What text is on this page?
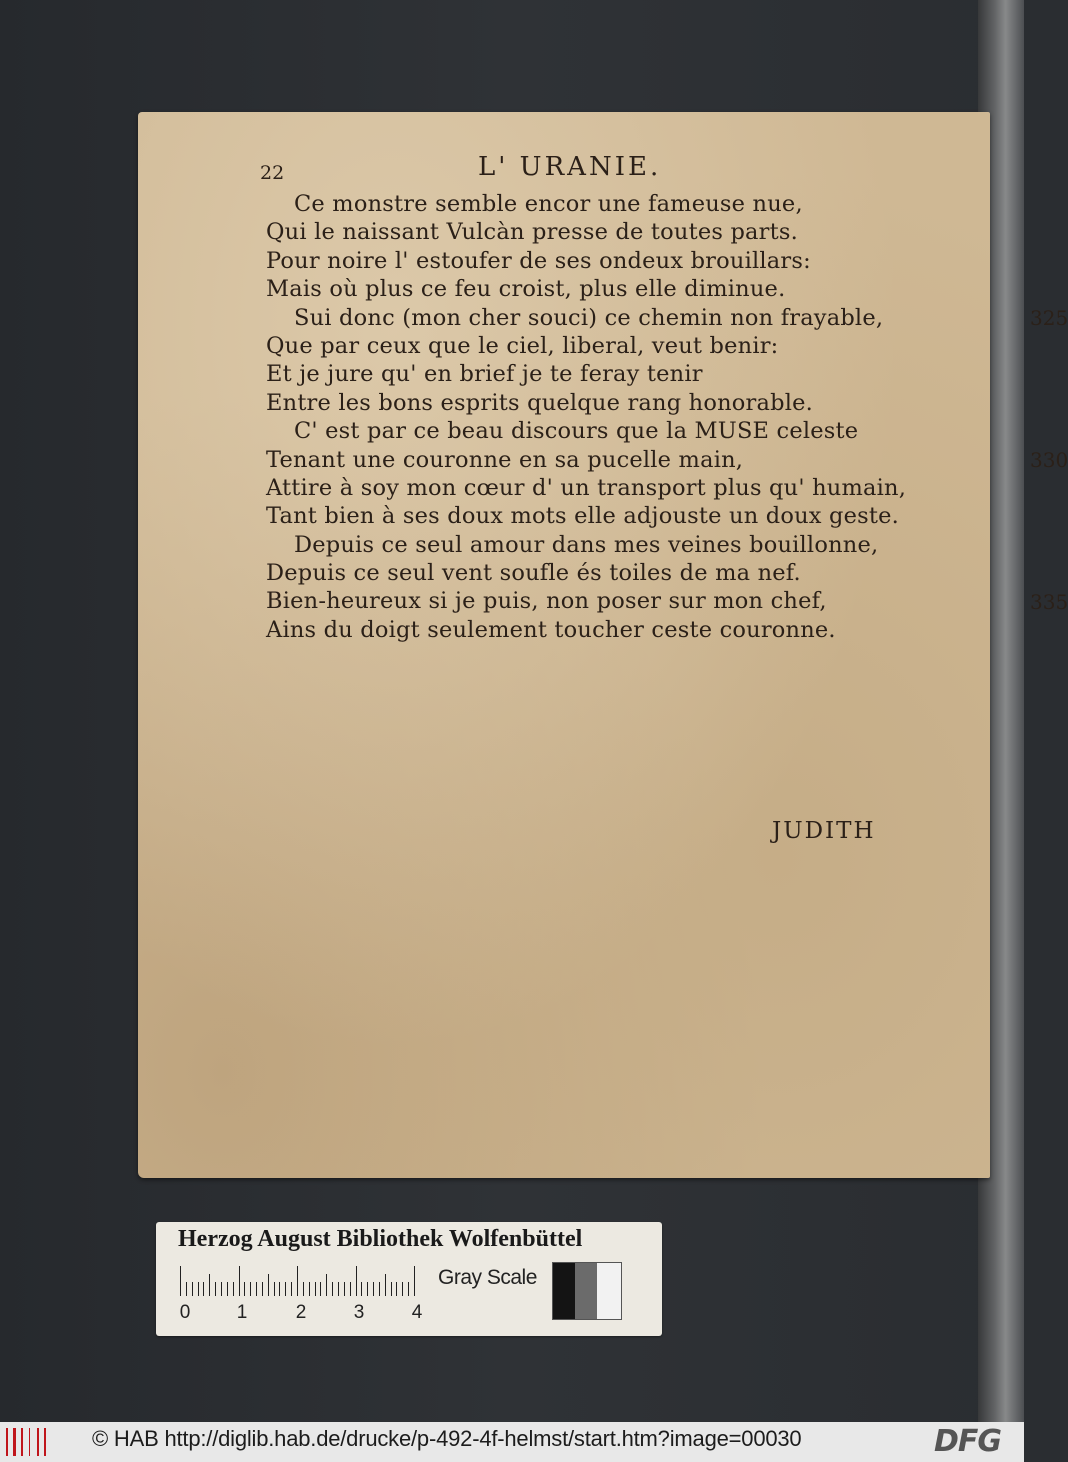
22	L' URANIE.
Ce monstre semble encor une fameuse nue,
Qui le naissant Vulcàn presse de toutes parts.
Pour noire l' estoufer de ses ondeux brouillars:
Mais où plus ce feu croist, plus elle diminue.
Sui donc (mon cher souci) ce chemin non frayable,	325
Que par ceux que le ciel, liberal, veut benir:
Et je jure qu' en brief je te feray tenir
Entre les bons esprits quelque rang honorable.
C' est par ce beau discours que la MUSE celeste
Tenant une couronne en sa pucelle main,	330
Attire à soy mon cœur d' un transport plus qu' humain,
Tant bien à ses doux mots elle adjouste un doux geste.
Depuis ce seul amour dans mes veines bouillonne,
Depuis ce seul vent soufle és toiles de ma nef.
Bien-heureux si je puis, non poser sur mon chef,	335
Ains du doigt seulement toucher ceste couronne.
JUDITH
Herzog August Bibliothek Wolfenbüttel
0 1	2 3 4
Gray Scale
© HAB http://diglib.hab.de/drucke/p-492-4f-helmst/start.htm?image=00030	DFG
